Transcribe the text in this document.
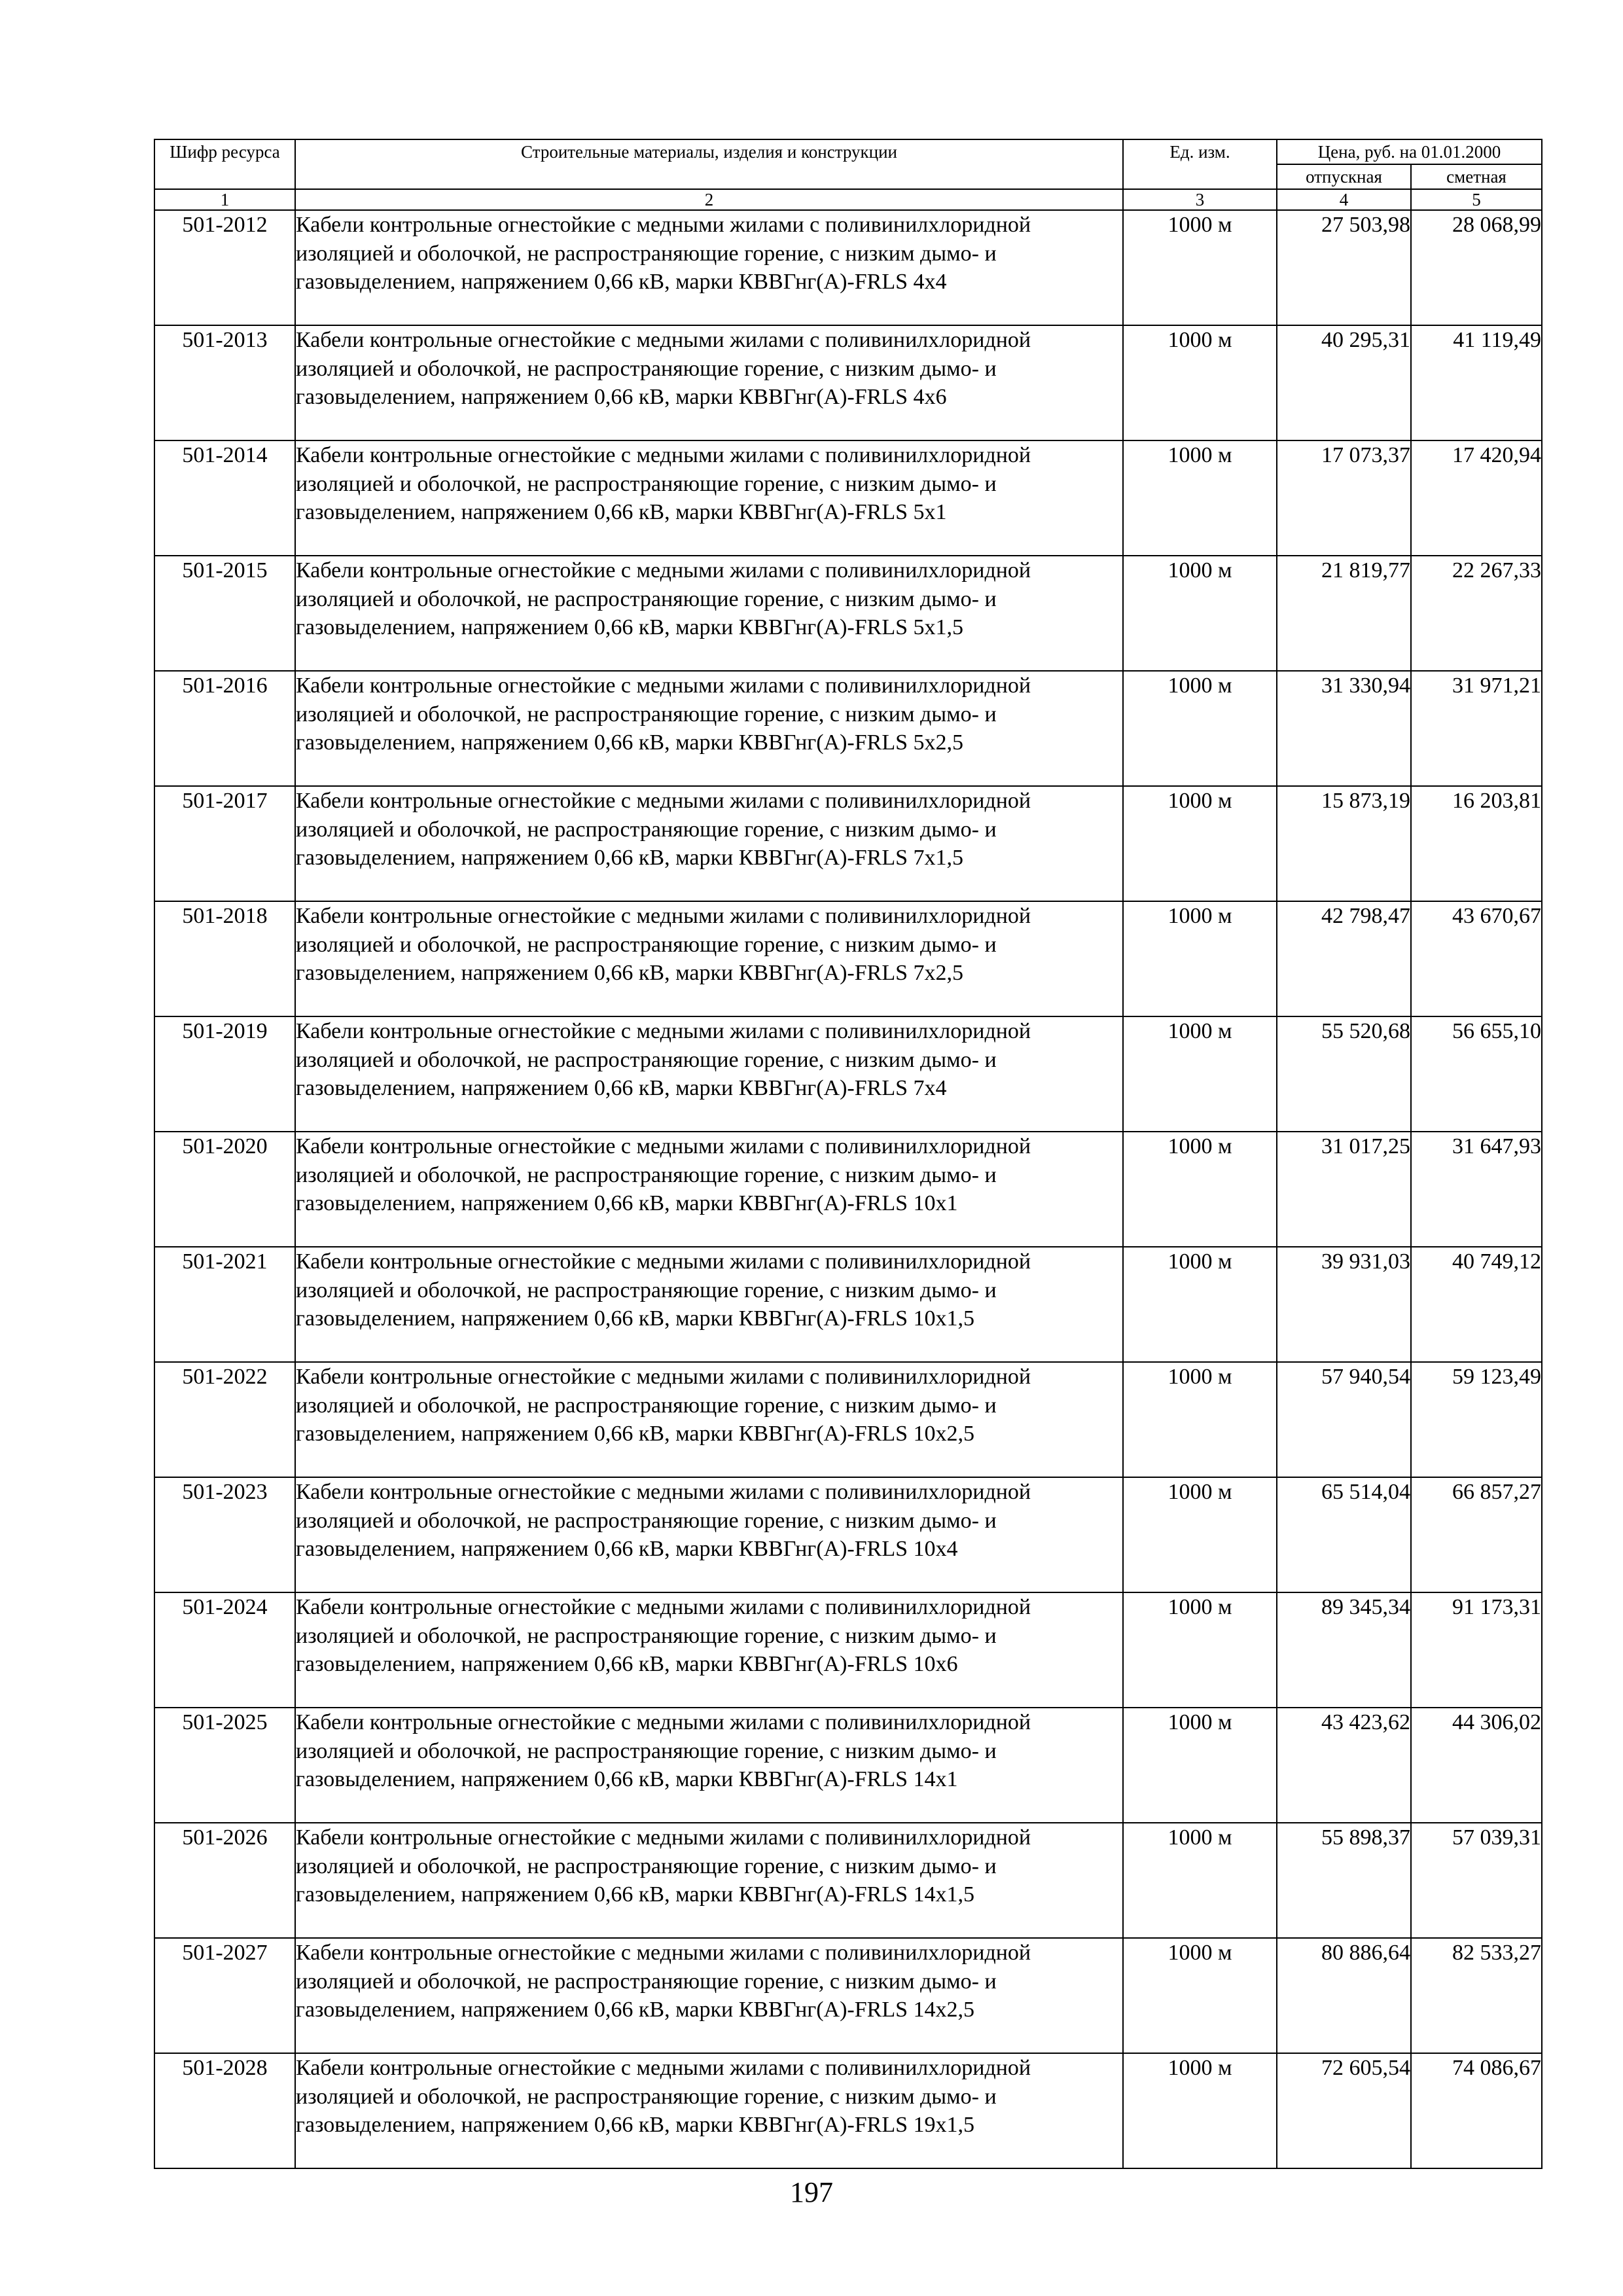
Шифр ресурса	Строительные материалы, изделия и конструкции	Ед. изм.	Цена, руб. на 01.01.2000	
			отпускная	сметная
1	2	3	4	5
501-2012	Кабели контрольные огнестойкие с медными жилами с поливинилхлоридной изоляцией и оболочкой, не распространяющие горение, с низким дымо- и газовыделением, напряжением 0,66 кВ, марки КВВГнг(А)-FRLS 4x4	1000 м	27 503,98	28 068,99
501-2013	Кабели контрольные огнестойкие с медными жилами с поливинилхлоридной изоляцией и оболочкой, не распространяющие горение, с низким дымо- и газовыделением, напряжением 0,66 кВ, марки КВВГнг(А)-FRLS 4x6	1000 м	40 295,31	41 119,49
501-2014	Кабели контрольные огнестойкие с медными жилами с поливинилхлоридной изоляцией и оболочкой, не распространяющие горение, с низким дымо- и газовыделением, напряжением 0,66 кВ, марки КВВГнг(А)-FRLS 5x1	1000 м	17 073,37	17 420,94
501-2015	Кабели контрольные огнестойкие с медными жилами с поливинилхлоридной изоляцией и оболочкой, не распространяющие горение, с низким дымо- и газовыделением, напряжением 0,66 кВ, марки КВВГнг(А)-FRLS 5x1,5	1000 м	21 819,77	22 267,33
501-2016	Кабели контрольные огнестойкие с медными жилами с поливинилхлоридной изоляцией и оболочкой, не распространяющие горение, с низким дымо- и газовыделением, напряжением 0,66 кВ, марки КВВГнг(А)-FRLS 5x2,5	1000 м	31 330,94	31 971,21
501-2017	Кабели контрольные огнестойкие с медными жилами с поливинилхлоридной изоляцией и оболочкой, не распространяющие горение, с низким дымо- и газовыделением, напряжением 0,66 кВ, марки КВВГнг(А)-FRLS 7x1,5	1000 м	15 873,19	16 203,81
501-2018	Кабели контрольные огнестойкие с медными жилами с поливинилхлоридной изоляцией и оболочкой, не распространяющие горение, с низким дымо- и газовыделением, напряжением 0,66 кВ, марки КВВГнг(А)-FRLS 7x2,5	1000 м	42 798,47	43 670,67
501-2019	Кабели контрольные огнестойкие с медными жилами с поливинилхлоридной изоляцией и оболочкой, не распространяющие горение, с низким дымо- и газовыделением, напряжением 0,66 кВ, марки КВВГнг(А)-FRLS 7x4	1000 м	55 520,68	56 655,10
501-2020	Кабели контрольные огнестойкие с медными жилами с поливинилхлоридной изоляцией и оболочкой, не распространяющие горение, с низким дымо- и газовыделением, напряжением 0,66 кВ, марки КВВГнг(А)-FRLS 10x1	1000 м	31 017,25	31 647,93
501-2021	Кабели контрольные огнестойкие с медными жилами с поливинилхлоридной изоляцией и оболочкой, не распространяющие горение, с низким дымо- и газовыделением, напряжением 0,66 кВ, марки КВВГнг(А)-FRLS 10x1,5	1000 м	39 931,03	40 749,12
501-2022	Кабели контрольные огнестойкие с медными жилами с поливинилхлоридной изоляцией и оболочкой, не распространяющие горение, с низким дымо- и газовыделением, напряжением 0,66 кВ, марки КВВГнг(А)-FRLS 10x2,5	1000 м	57 940,54	59 123,49
501-2023	Кабели контрольные огнестойкие с медными жилами с поливинилхлоридной изоляцией и оболочкой, не распространяющие горение, с низким дымо- и газовыделением, напряжением 0,66 кВ, марки КВВГнг(А)-FRLS 10x4	1000 м	65 514,04	66 857,27
501-2024	Кабели контрольные огнестойкие с медными жилами с поливинилхлоридной изоляцией и оболочкой, не распространяющие горение, с низким дымо- и газовыделением, напряжением 0,66 кВ, марки КВВГнг(А)-FRLS 10x6	1000 м	89 345,34	91 173,31
501-2025	Кабели контрольные огнестойкие с медными жилами с поливинилхлоридной изоляцией и оболочкой, не распространяющие горение, с низким дымо- и газовыделением, напряжением 0,66 кВ, марки КВВГнг(А)-FRLS 14x1	1000 м	43 423,62	44 306,02
501-2026	Кабели контрольные огнестойкие с медными жилами с поливинилхлоридной изоляцией и оболочкой, не распространяющие горение, с низким дымо- и газовыделением, напряжением 0,66 кВ, марки КВВГнг(А)-FRLS 14x1,5	1000 м	55 898,37	57 039,31
501-2027	Кабели контрольные огнестойкие с медными жилами с поливинилхлоридной изоляцией и оболочкой, не распространяющие горение, с низким дымо- и газовыделением, напряжением 0,66 кВ, марки КВВГнг(А)-FRLS 14x2,5	1000 м	80 886,64	82 533,27
501-2028	Кабели контрольные огнестойкие с медными жилами с поливинилхлоридной изоляцией и оболочкой, не распространяющие горение, с низким дымо- и газовыделением, напряжением 0,66 кВ, марки КВВГнг(А)-FRLS 19x1,5	1000 м	72 605,54	74 086,67
197
